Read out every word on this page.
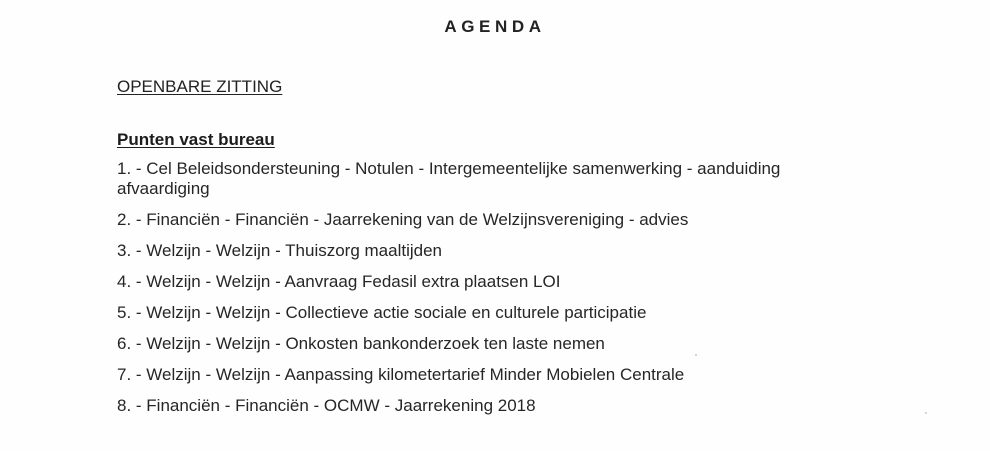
AGENDA
OPENBARE ZITTING
Punten vast bureau
1. - Cel Beleidsondersteuning - Notulen - Intergemeentelijke samenwerking - aanduiding afvaardiging
2. - Financiën - Financiën - Jaarrekening van de Welzijnsvereniging - advies
3. - Welzijn - Welzijn - Thuiszorg maaltijden
4. - Welzijn - Welzijn - Aanvraag Fedasil extra plaatsen LOI
5. - Welzijn - Welzijn - Collectieve actie sociale en culturele participatie
6. - Welzijn - Welzijn - Onkosten bankonderzoek ten laste nemen
7. - Welzijn - Welzijn - Aanpassing kilometertarief Minder Mobielen Centrale
8. - Financiën - Financiën - OCMW - Jaarrekening 2018
